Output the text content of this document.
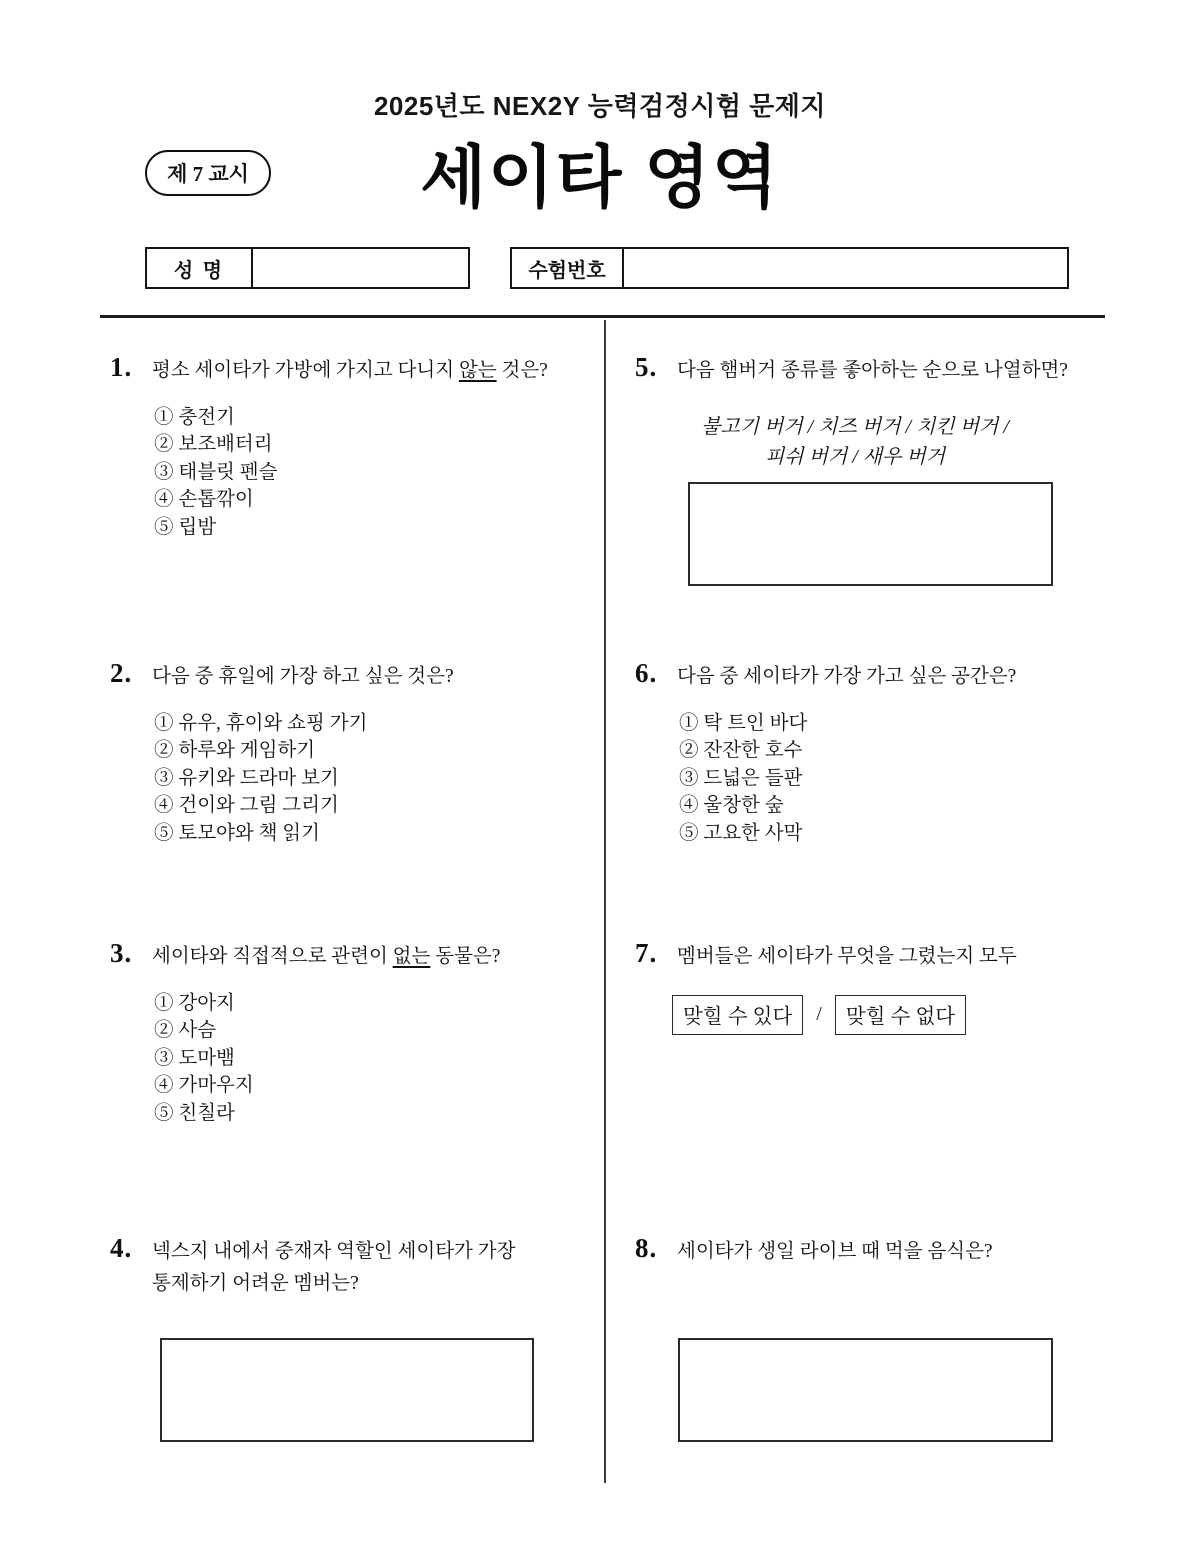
2025년도 NEX2Y 능력검정시험 문제지
제 7 교시	세이타 영역
성 명	수험번호
1.	평소 세이타가 가방에 가지고 다니지 않는 것은?
① 충전기
② 보조배터리
③ 태블릿 펜슬
④ 손톱깎이
⑤ 립밤
2.	다음 중 휴일에 가장 하고 싶은 것은?
① 유우, 휴이와 쇼핑 가기
② 하루와 게임하기
③ 유키와 드라마 보기
④ 건이와 그림 그리기
⑤ 토모야와 책 읽기
3.	세이타와 직접적으로 관련이 없는 동물은?
① 강아지
② 사슴
③ 도마뱀
④ 가마우지
⑤ 친칠라
4.	넥스지 내에서 중재자 역할인 세이타가 가장
통제하기 어려운 멤버는?
5.	다음 햄버거 종류를 좋아하는 순으로 나열하면?
불고기 버거 / 치즈 버거 / 치킨 버거 /
피쉬 버거 / 새우 버거
6.	다음 중 세이타가 가장 가고 싶은 공간은?
① 탁 트인 바다
② 잔잔한 호수
③ 드넓은 들판
④ 울창한 숲
⑤ 고요한 사막
7.	멤버들은 세이타가 무엇을 그렸는지 모두
맞힐 수 있다	/	맞힐 수 없다
8.	세이타가 생일 라이브 때 먹을 음식은?
